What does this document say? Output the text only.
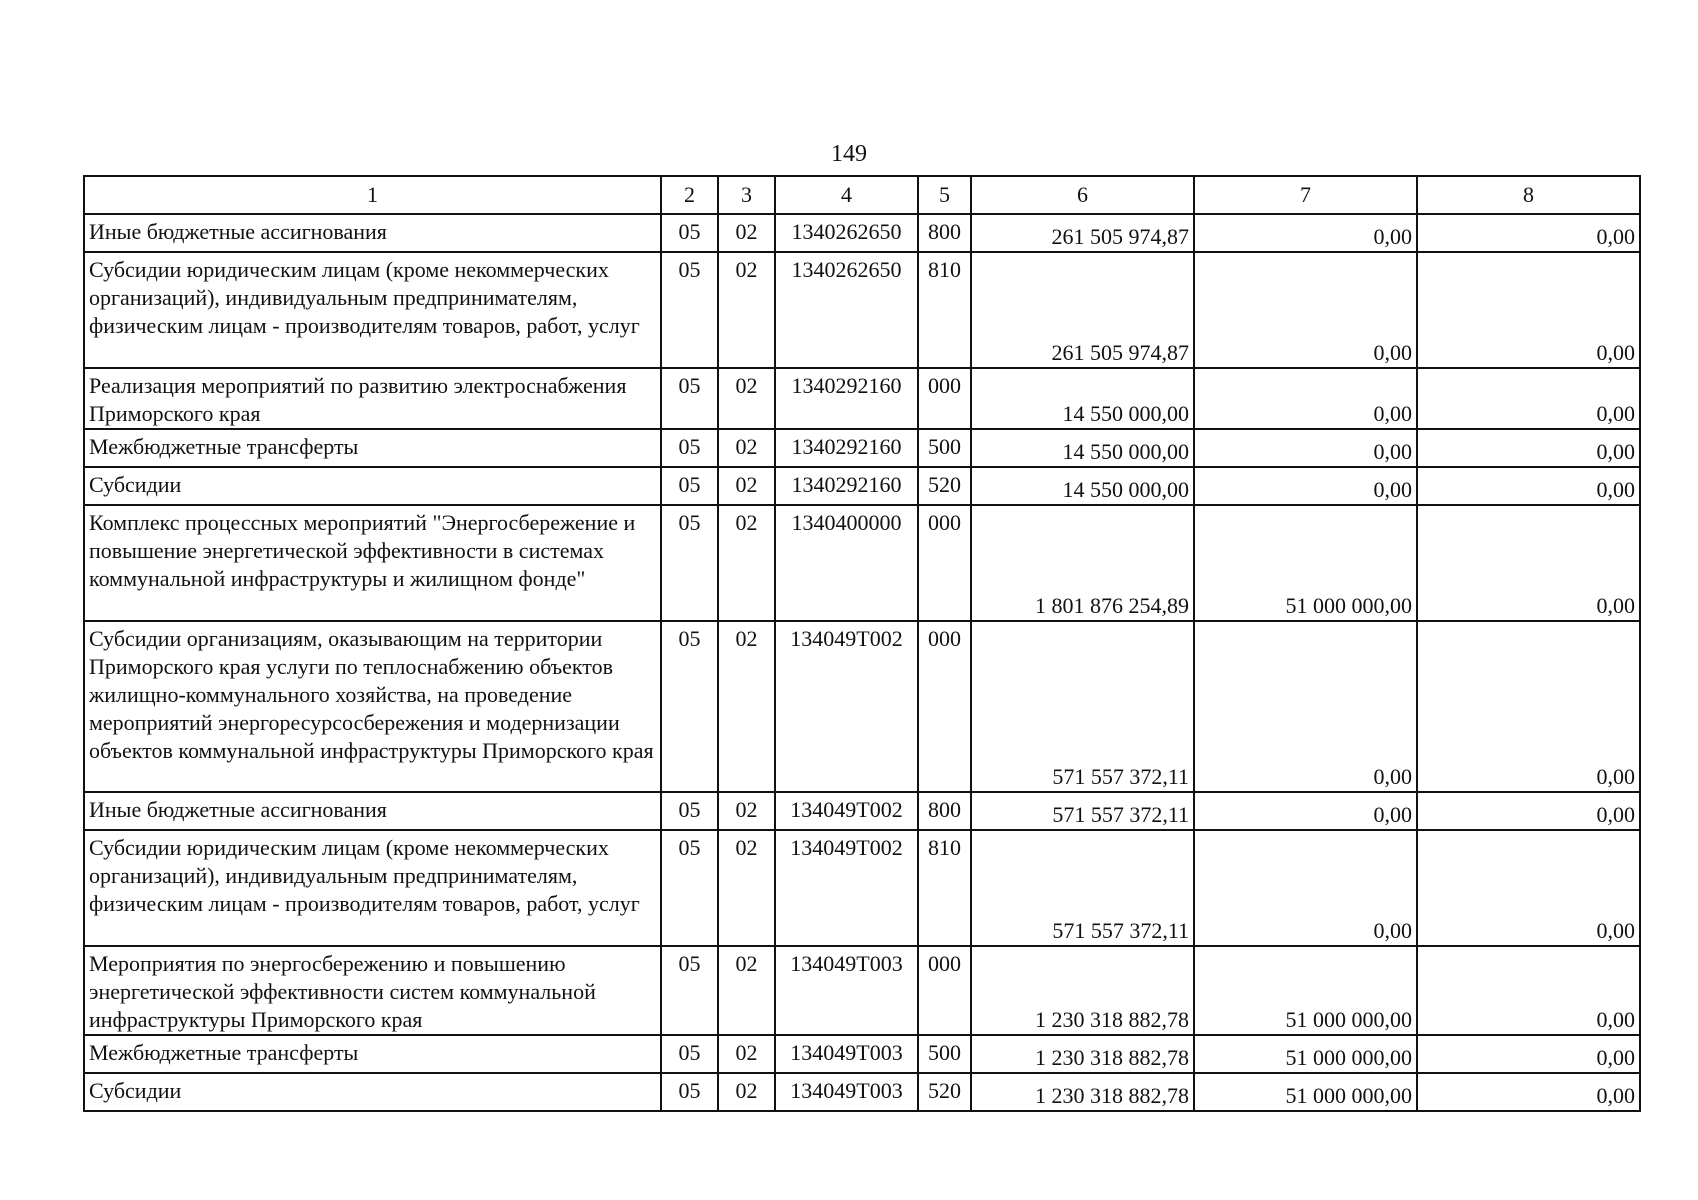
149
1	2	3	4	5	6	7	8
Иные бюджетные ассигнования	05	02	1340262650	800	261 505 974,87	0,00	0,00
Субсидии юридическим лицам (кроме некоммерческих организаций), индивидуальным предпринимателям, физическим лицам - производителям товаров, работ, услуг	05	02	1340262650	810	261 505 974,87	0,00	0,00
Реализация мероприятий по развитию электроснабжения Приморского края	05	02	1340292160	000	14 550 000,00	0,00	0,00
Межбюджетные трансферты	05	02	1340292160	500	14 550 000,00	0,00	0,00
Субсидии	05	02	1340292160	520	14 550 000,00	0,00	0,00
Комплекс процессных мероприятий "Энергосбережение и повышение энергетической эффективности в системах коммунальной инфраструктуры и жилищном фонде"	05	02	1340400000	000	1 801 876 254,89	51 000 000,00	0,00
Субсидии организациям, оказывающим на территории Приморского края услуги по теплоснабжению объектов жилищно-коммунального хозяйства, на проведение мероприятий энергоресурсосбережения и модернизации объектов коммунальной инфраструктуры Приморского края	05	02	134049Т002	000	571 557 372,11	0,00	0,00
Иные бюджетные ассигнования	05	02	134049Т002	800	571 557 372,11	0,00	0,00
Субсидии юридическим лицам (кроме некоммерческих организаций), индивидуальным предпринимателям, физическим лицам - производителям товаров, работ, услуг	05	02	134049Т002	810	571 557 372,11	0,00	0,00
Мероприятия по энергосбережению и повышению энергетической эффективности систем коммунальной инфраструктуры Приморского края	05	02	134049Т003	000	1 230 318 882,78	51 000 000,00	0,00
Межбюджетные трансферты	05	02	134049Т003	500	1 230 318 882,78	51 000 000,00	0,00
Субсидии	05	02	134049Т003	520	1 230 318 882,78	51 000 000,00	0,00
